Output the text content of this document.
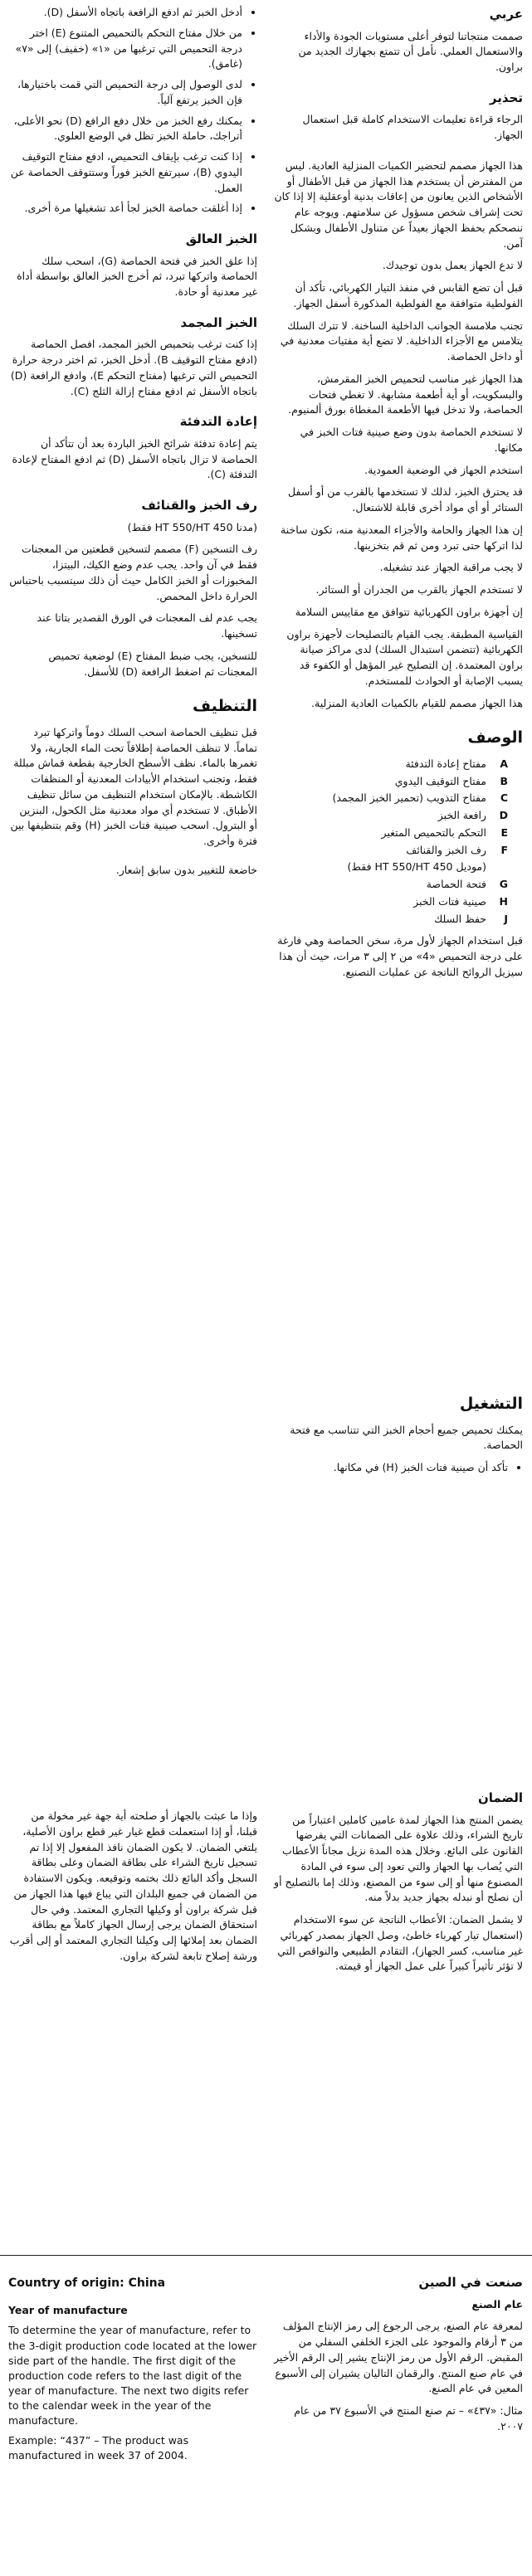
عربي

صممت منتجاتنا لتوفر أعلى مستويات الجودة والأداء والاستعمال العملي. نأمل أن تتمتع بجهازك الجديد من براون.

تحذير

الرجاء قراءة تعليمات الاستخدام كاملة قبل استعمال الجهاز.

هذا الجهاز مصمم لتحضير الكميات المنزلية العادية. ليس من المفترض أن يستخدم هذا الجهاز من قبل الأطفال أو الأشخاص الذين يعانون من إعاقات بدنية أوعقلية إلا إذا كان تحت إشراف شخص مسؤول عن سلامتهم. ويوجه عام ننصحكم بحفظ الجهاز بعيداً عن متناول الأطفال وبشكل آمن.

لا تدع الجهاز يعمل بدون توجيدك.

قبل أن تضع القابس في منفذ التيار الكهربائي، تأكد أن الفولطية متوافقة مع الفولطية المذكورة أسفل الجهاز.

تجنب ملامسة الجوانب الداخلية الساخنة. لا تترك السلك يتلامس مع الأجزاء الداخلية. لا تضع أية مفتيات معدنية في أو داخل الحماصة.

هذا الجهاز غير مناسب لتحميص الخبز المقرمش، والبسكويت، أو أية أطعمة مشابهة. لا تغطي فتحات الحماصة، ولا تدخل فيها الأطعمة المغطاة بورق ألمنيوم.

لا تستخدم الحماصة بدون وضع صينية فتات الخبز في مكانها.

استخدم الجهاز في الوضعية العمودية.

قد يحترق الخبز، لذلك لا تستخدمها بالقرب من أو أسفل الستائر أو أي مواد أخرى قابلة للاشتعال.

إن هذا الجهاز والحامة والأجزاء المعدنية منه، تكون ساخنة لذا اتركها حتى تبرد ومن ثم قم بتخزينها.

لا يجب مراقبة الجهاز عند تشغيله.

لا تستخدم الجهاز بالقرب من الجدران أو الستائر.

إن أجهزة براون الكهربائية تتوافق مع مقاييس السلامة

القياسية المطبقة. يجب القيام بالتصليحات لأجهزة براون الكهربائية (تتضمن استبدال السلك) لدى مراكز صيانة براون المعتمدة. إن التصليح غير المؤهل أو الكفوء قد يسبب الإصابة أو الحوادث للمستخدم.

هذا الجهاز مصمم للقيام بالكميات العادية المنزلية.

الوصف
A
مفتاح إعادة التدفئة
B
مفتاح التوقيف اليدوي
C
مفتاح التذويب (تحمير الخبز المجمد)
D
رافعة الخبز
E
التحكم بالتحميص المتغير
F
رف الخبز والقنائف
(موديل HT 550/HT 450 فقط)
G
فتحة الحماصة
H
صينية فتات الخبز
J
حفظ السلك

قبل استخدام الجهاز لأول مرة، سخن الحماصة وهي فارغة على درجة التحميص «4» من ٢ إلى ٣ مرات، حيث أن هذا سيزيل الروائح الناتجة عن عمليات التصنيع.

• أدخل الخبز ثم ادفع الرافعة باتجاه الأسفل (D).
• من خلال مفتاح التحكم بالتحميص المتنوع (E) اختر درجة التحميص التي ترغبها من «١» (خفيف) إلى «٧» (غامق).
• لدى الوصول إلى درجة التحميص التي قمت باختيارها، فإن الخبز يرتفع آلياً.
• يمكنك رفع الخبز من خلال دفع الرافع (D) نحو الأعلى، أتراجك، حاملة الخبز تظل في الوضع العلوي.
• إذا كنت ترغب بإيقاف التحميص، ادفع مفتاح التوقيف اليدوي (B)، سيرتفع الخبز فوراً وستتوقف الحماصة عن العمل.
• إذا أغلقت حماصة الخبز لجأ أعد تشغيلها مرة أخرى.
الخبز العالق

إذا علق الخبز في فتحة الحماصة (G)، اسحب سلك الحماصة واتركها تبرد، ثم أخرج الخبز العالق بواسطة أداة غير معدنية أو حادة.

الخبز المجمد

إذا كنت ترغب بتحميص الخبز المجمد، افصل الحماصة (ادفع مفتاح التوقيف B). أدخل الخبز، ثم اختر درجة حرارة التحميص التي ترغبها (مفتاح التحكم E)، وادفع الرافعة (D) باتجاه الأسفل ثم ادفع مفتاح إزالة الثلج (C).

إعادة التدفئة

يتم إعادة تدفئة شرائح الخبز الباردة بعد أن تتأكد أن الحماصة لا تزال باتجاه الأسفل (D) ثم ادفع المفتاح لإعادة التدفئة (C).

رف الخبز والقنائف

(مدنا HT 550/HT 450 فقط)

رف التسخين (F) مصمم لتسخين قطعتين من المعجنات فقط في آن واحد. يجب عدم وضع الكيك، البيتزا، المخبوزات أو الخبز الكامل حيث أن ذلك سيتسبب باحتباس الحرارة داخل المحمص.

يجب عدم لف المعجنات في الورق القصدير بتاتا عند تسخينها.

للتسخين، يجب ضبط المفتاح (E) لوضعية تحميص المعجنات ثم اضغط الرافعة (D) للأسفل.

التنظيف

قبل تنظيف الحماصة اسحب السلك دوماً واتركها تبرد تماماً. لا تنظف الحماصة إطلاقاً تحت الماء الجارية، ولا تغمرها بالماء. نظف الأسطح الخارجية بقطعة قماش مبللة فقط، وتجنب استخدام الأبيادات المعدنية أو المنظفات الكاشطة. بالإمكان استخدام التنظيف من سائل تنظيف الأطباق. لا تستخدم أي مواد معدنية مثل الكحول، البنزين أو البترول. اسحب صينية فتات الخبز (H) وقم بتنظيفها بين فترة وأخرى.

خاضعة للتغيير بدون سابق إشعار.

التشغيل

يمكنك تحميص جميع أحجام الخبز التي تتناسب مع فتحة الحماصة.

• تأكد أن صينية فتات الخبز (H) في مكانها.
الضمان

يضمن المنتج هذا الجهاز لمدة عامين كاملين اعتباراً من تاريخ الشراء، وذلك علاوة على الضمانات التي يفرضها القانون على البائع. وخلال هذه المدة نزيل مجاناً الأعطاب التي يُصاب بها الجهاز والتي تعود إلى سوء في المادة المصنوع منها أو إلى سوء من المصنع، وذلك إما بالتصليح أو أن نصلح أو نبدله بجهاز جديد بدلاً منه.

لا يشمل الضمان: الأعطاب الناتجة عن سوء الاستخدام (استعمال تيار كهرباء خاطئ، وصل الجهاز بمصدر كهربائي غير مناسب، كسر الجهاز)، التقادم الطبيعي والنواقص التي لا تؤثر تأثيراً كبيراً على عمل الجهاز أو قيمته.

وإذا ما عبثت بالجهاز أو صلحته أية جهة غير مخولة من قبلنا، أو إذا استعملت قطع غيار غير قطع براون الأصلية، يلتغي الضمان. لا يكون الضمان نافذ المفعول إلا إذا تم تسجيل تاريخ الشراء على بطاقة الضمان وعلى بطاقة السجل وأكد البائع ذلك بختمه وتوقيعه. ويكون الاستفادة من الضمان في جميع البلدان التي يباع فيها هذا الجهاز من قبل شركة براون أو وكيلها التجاري المعتمد. وفي حال استحقاق الضمان يرجى إرسال الجهاز كاملاً مع بطاقة الضمان بعد إملائها إلى وكيلنا التجاري المعتمد أو إلى أقرب ورشة إصلاح تابعة لشركة براون.

صنعت في الصين

عام الصنع

لمعرفة عام الصنع، يرجى الرجوع إلى رمز الإنتاج المؤلف من ٣ أرقام والموجود على الجزء الخلفي السفلي من المقبض. الرقم الأول من رمز الإنتاج يشير إلى الرقم الأخير في عام صنع المنتج. والرقمان التاليان يشيران إلى الأسبوع المعين في عام الصنع.

مثال: «٤٣٧» – تم صنع المنتج في الأسبوع ٣٧ من عام ٢٠٠٧.

Country of origin: China

Year of manufacture

To determine the year of manufacture, refer to the 3-digit production code located at the lower side part of the handle. The first digit of the production code refers to the last digit of the year of manufacture. The next two digits refer to the calendar week in the year of the manufacture.

Example: “437” – The product was manufactured in week 37 of 2004.
